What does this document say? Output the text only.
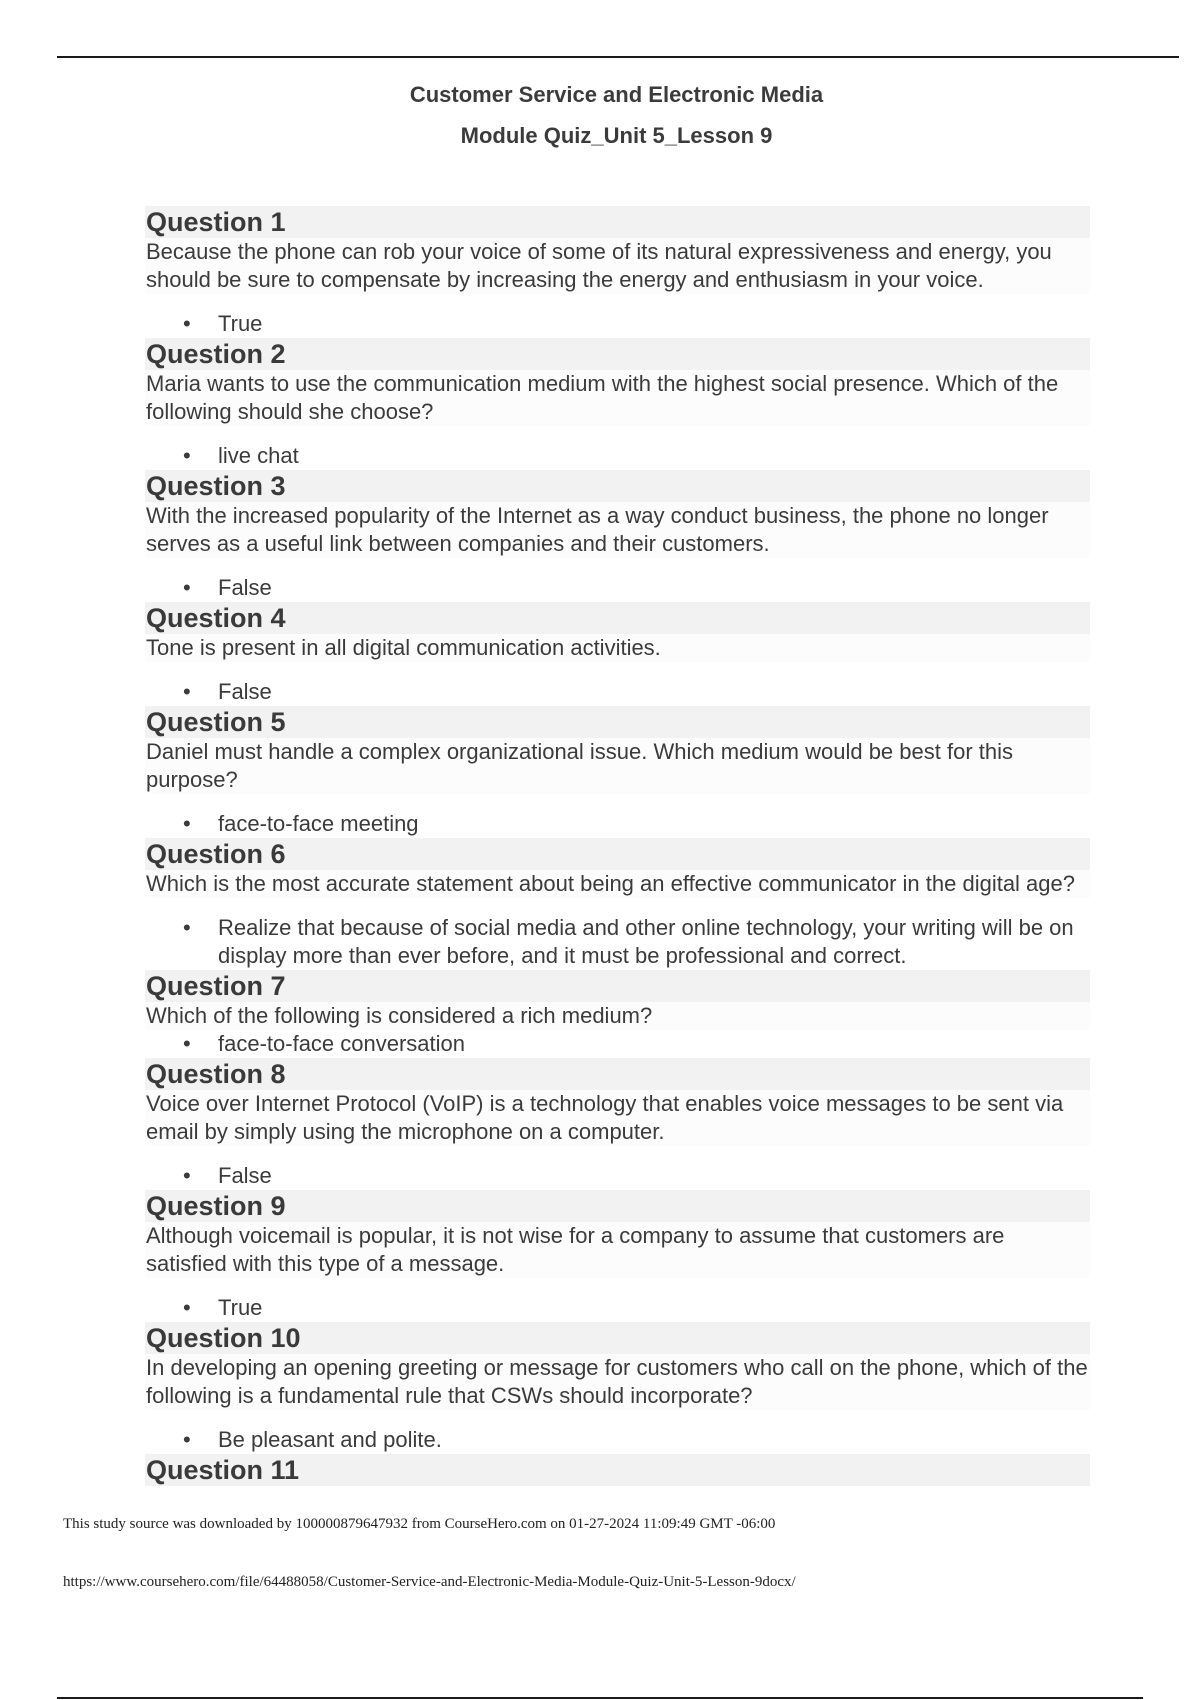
Customer Service and Electronic Media
Module Quiz_Unit 5_Lesson 9
Question 1

Because the phone can rob your voice of some of its natural expressiveness and energy, you should be sure to compensate by increasing the energy and enthusiasm in your voice.

• True
Question 2

Maria wants to use the communication medium with the highest social presence. Which of the following should she choose?

• live chat
Question 3

With the increased popularity of the Internet as a way conduct business, the phone no longer serves as a useful link between companies and their customers.

• False
Question 4

Tone is present in all digital communication activities.

• False
Question 5

Daniel must handle a complex organizational issue. Which medium would be best for this purpose?

• face-to-face meeting
Question 6

Which is the most accurate statement about being an effective communicator in the digital age?

• Realize that because of social media and other online technology, your writing will be on display more than ever before, and it must be professional and correct.
Question 7

Which of the following is considered a rich medium?

• face-to-face conversation
Question 8

Voice over Internet Protocol (VoIP) is a technology that enables voice messages to be sent via email by simply using the microphone on a computer.

• False
Question 9

Although voicemail is popular, it is not wise for a company to assume that customers are satisfied with this type of a message.

• True
Question 10

In developing an opening greeting or message for customers who call on the phone, which of the following is a fundamental rule that CSWs should incorporate?

• Be pleasant and polite.
Question 11
This study source was downloaded by 100000879647932 from CourseHero.com on 01-27-2024 11:09:49 GMT -06:00
https://www.coursehero.com/file/64488058/Customer-Service-and-Electronic-Media-Module-Quiz-Unit-5-Lesson-9docx/
